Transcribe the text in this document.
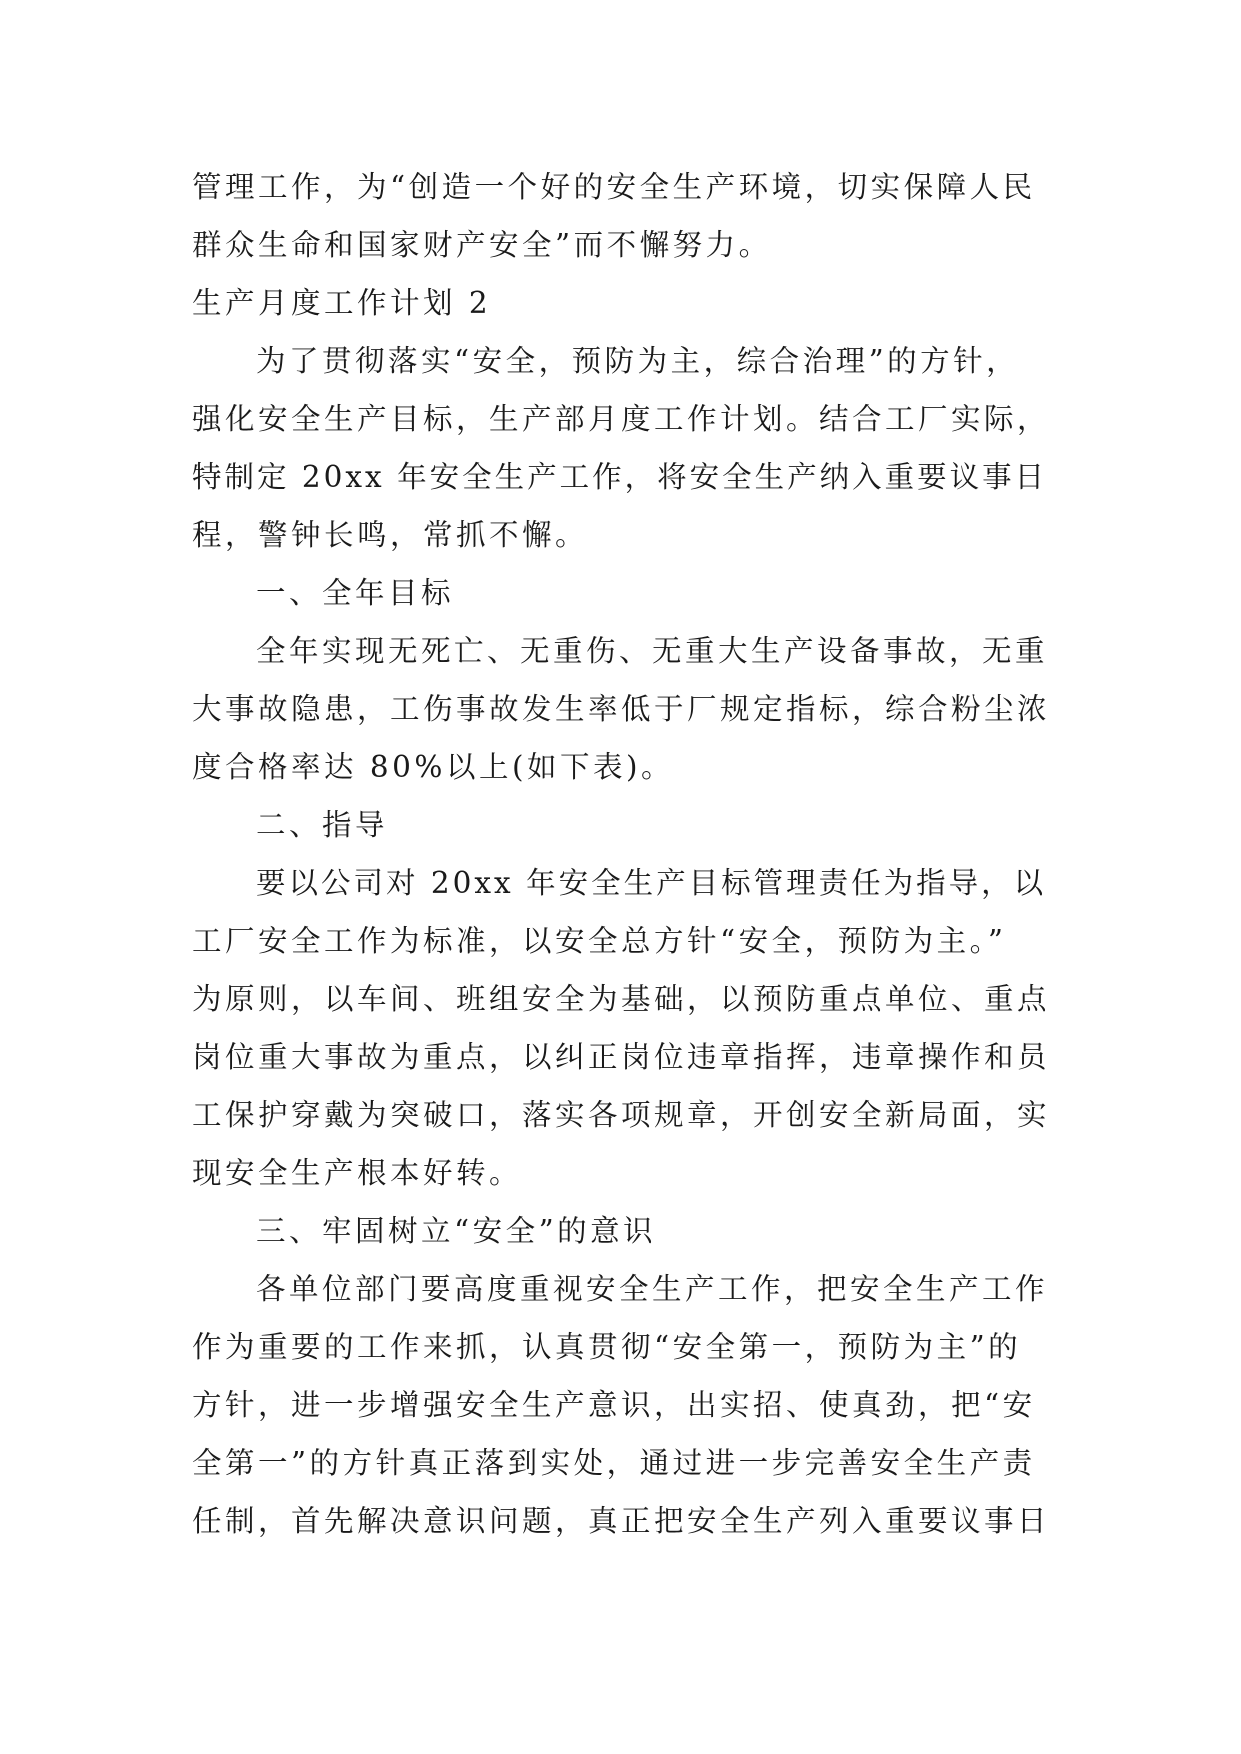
管理工作，为“创造一个好的安全生产环境，切实保障人民
群众生命和国家财产安全”而不懈努力。
生产月度工作计划 2
为了贯彻落实“安全，预防为主，综合治理”的方针，
强化安全生产目标，生产部月度工作计划。结合工厂实际，
特制定 20xx 年安全生产工作，将安全生产纳入重要议事日
程，警钟长鸣，常抓不懈。
一、全年目标
全年实现无死亡、无重伤、无重大生产设备事故，无重
大事故隐患，工伤事故发生率低于厂规定指标，综合粉尘浓
度合格率达 80%以上(如下表)。
二、指导
要以公司对 20xx 年安全生产目标管理责任为指导，以
工厂安全工作为标准，以安全总方针“安全，预防为主。”
为原则，以车间、班组安全为基础，以预防重点单位、重点
岗位重大事故为重点，以纠正岗位违章指挥，违章操作和员
工保护穿戴为突破口，落实各项规章，开创安全新局面，实
现安全生产根本好转。
三、牢固树立“安全”的意识
各单位部门要高度重视安全生产工作，把安全生产工作
作为重要的工作来抓，认真贯彻“安全第一，预防为主”的
方针，进一步增强安全生产意识，出实招、使真劲，把“安
全第一”的方针真正落到实处，通过进一步完善安全生产责
任制，首先解决意识问题，真正把安全生产列入重要议事日
